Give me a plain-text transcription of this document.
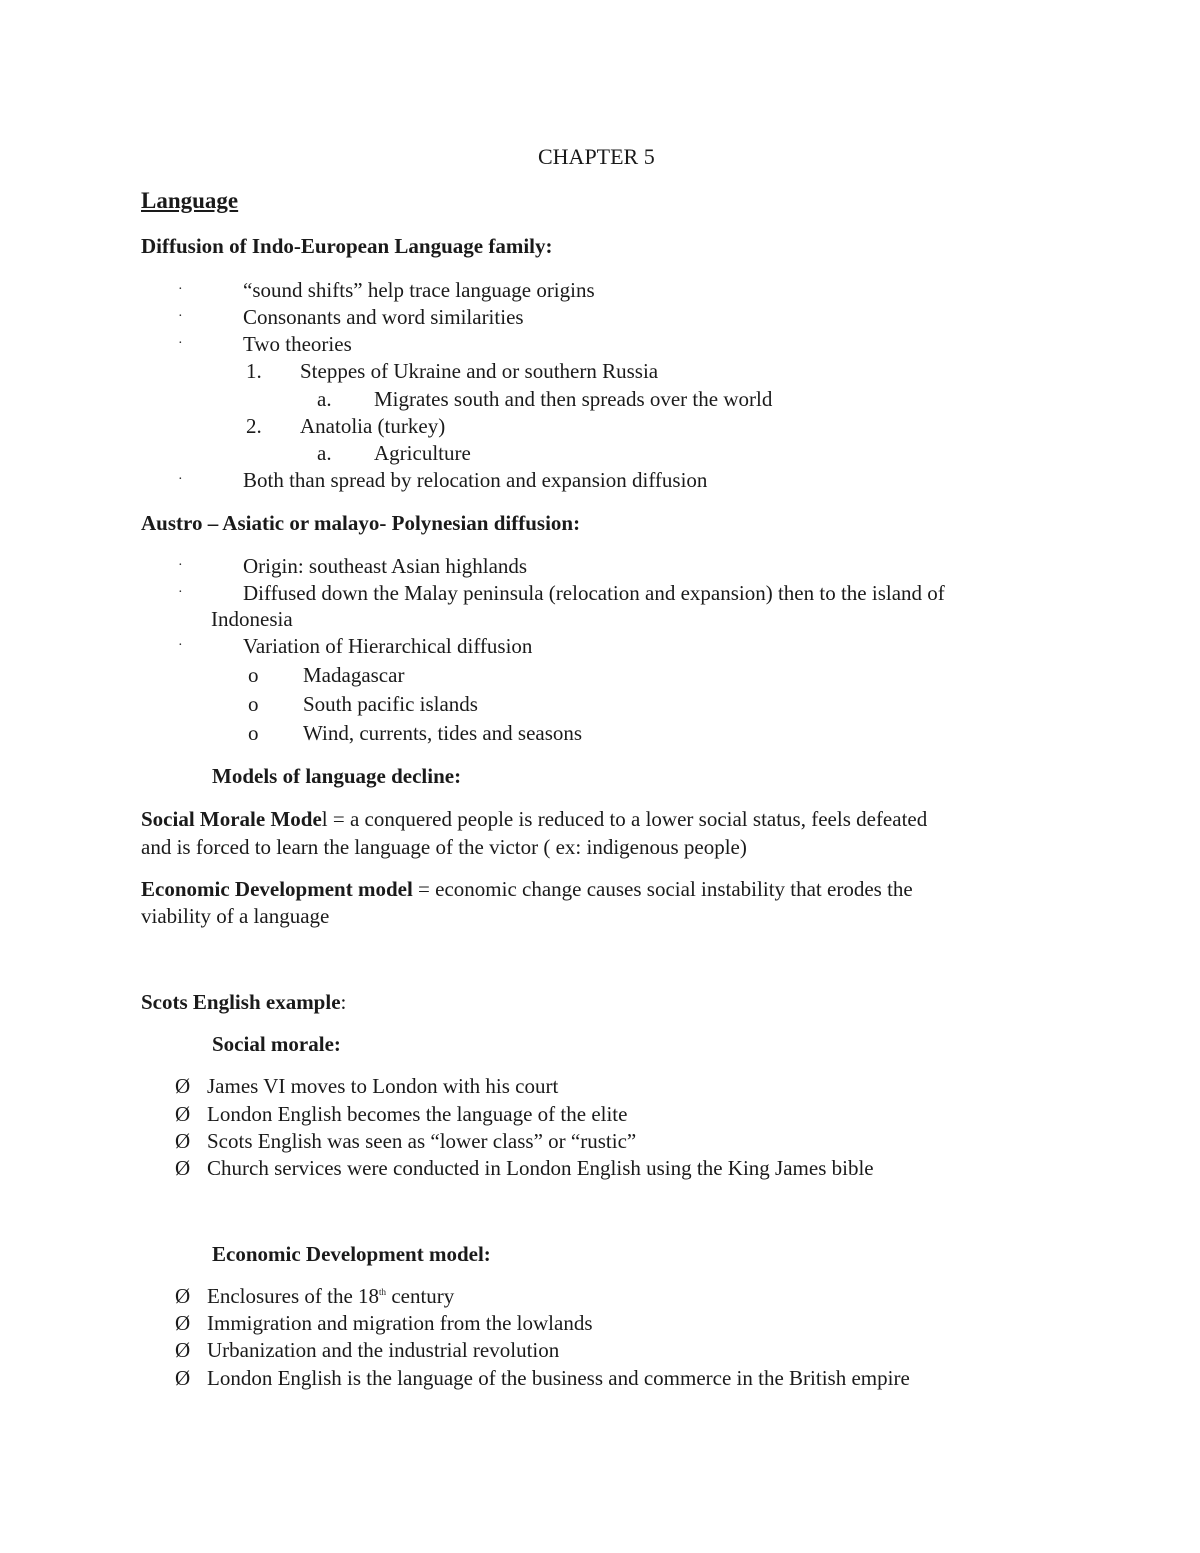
CHAPTER 5
Language
Diffusion of Indo-European Language family:
·	“sound shifts” help trace language origins
·	Consonants and word similarities
·	Two theories
1. Steppes of Ukraine and or southern Russia
a. Migrates south and then spreads over the world
2. Anatolia (turkey)
a. Agriculture
·	Both than spread by relocation and expansion diffusion
Austro – Asiatic or malayo- Polynesian diffusion:
·	Origin: southeast Asian highlands
·	Diffused down the Malay peninsula (relocation and expansion) then to the island of
Indonesia
·	Variation of Hierarchical diffusion
o Madagascar
o South pacific islands
o Wind, currents, tides and seasons
Models of language decline:
Social Morale Model = a conquered people is reduced to a lower social status, feels defeated
and is forced to learn the language of the victor ( ex: indigenous people)
Economic Development model = economic change causes social instability that erodes the
viability of a language
Scots English example:
Social morale:
Ø James VI moves to London with his court
Ø London English becomes the language of the elite
Ø Scots English was seen as “lower class” or “rustic”
Ø Church services were conducted in London English using the King James bible
Economic Development model:
Ø Enclosures of the 18th century
Ø Immigration and migration from the lowlands
Ø Urbanization and the industrial revolution
Ø London English is the language of the business and commerce in the British empire
